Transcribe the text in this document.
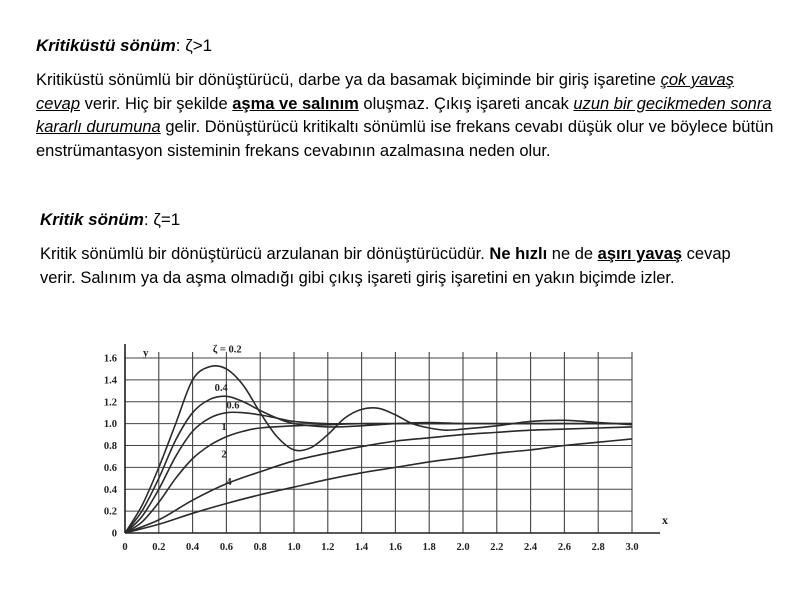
Kritiküstü sönüm: ζ>1
Kritiküstü sönümlü bir dönüştürücü, darbe ya da basamak biçiminde bir giriş işaretine çok yavaş cevap verir. Hiç bir şekilde aşma ve salınım oluşmaz. Çıkış işareti ancak uzun bir gecikmeden sonra kararlı durumuna gelir. Dönüştürücü kritikaltı sönümlü ise frekans cevabı düşük olur ve böylece bütün enstrümantasyon sisteminin frekans cevabının azalmasına neden olur.
Kritik sönüm: ζ=1
Kritik sönümlü bir dönüştürücü arzulanan bir dönüştürücüdür. Ne hızlı ne de aşırı yavaş cevap verir. Salınım ya da aşma olmadığı gibi çıkış işareti giriş işaretini en yakın biçimde izler.
0
0.2
0.4
0.6
0.8
1.0
1.2
1.4
1.6
0 0.2 0.4 0.6 0.8 1.0 1.2 1.4 1.6 1.8 2.0 2.2 2.4 2.6 2.8 3.0
y
x
ζ = 0.2
0.4
0.6
1
2
4
